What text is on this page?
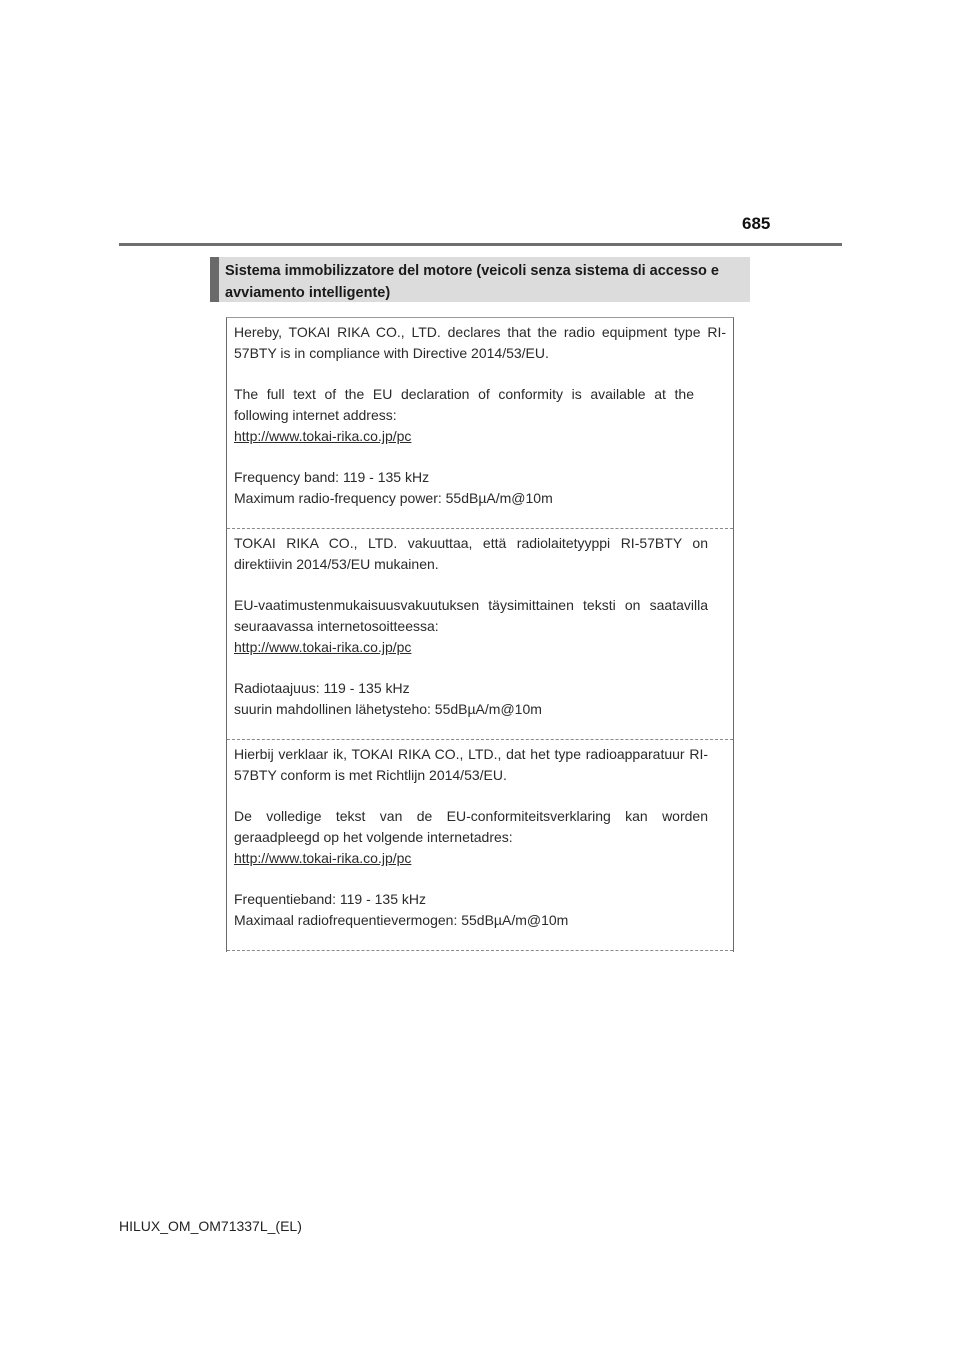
685
Sistema immobilizzatore del motore (veicoli senza sistema di accesso e avviamento intelligente)

Hereby, TOKAI RIKA CO., LTD. declares that the radio equipment type RI-57BTY is in compliance with Directive 2014/53/EU.

The full text of the EU declaration of conformity is available at the following internet address:

http://www.tokai-rika.co.jp/pc

Frequency band: 119 - 135 kHz

Maximum radio-frequency power: 55dBµA/m@10m

TOKAI RIKA CO., LTD. vakuuttaa, että radiolaitetyyppi RI-57BTY on direktiivin 2014/53/EU mukainen.

EU-vaatimustenmukaisuusvakuutuksen täysimittainen teksti on saatavilla seuraavassa internetosoitteessa:

http://www.tokai-rika.co.jp/pc

Radiotaajuus: 119 - 135 kHz

suurin mahdollinen lähetysteho: 55dBµA/m@10m

Hierbij verklaar ik, TOKAI RIKA CO., LTD., dat het type radioapparatuur RI-57BTY conform is met Richtlijn 2014/53/EU.

De volledige tekst van de EU-conformiteitsverklaring kan worden geraadpleegd op het volgende internetadres:

http://www.tokai-rika.co.jp/pc

Frequentieband: 119 - 135 kHz

Maximaal radiofrequentievermogen: 55dBµA/m@10m

HILUX_OM_OM71337L_(EL)
